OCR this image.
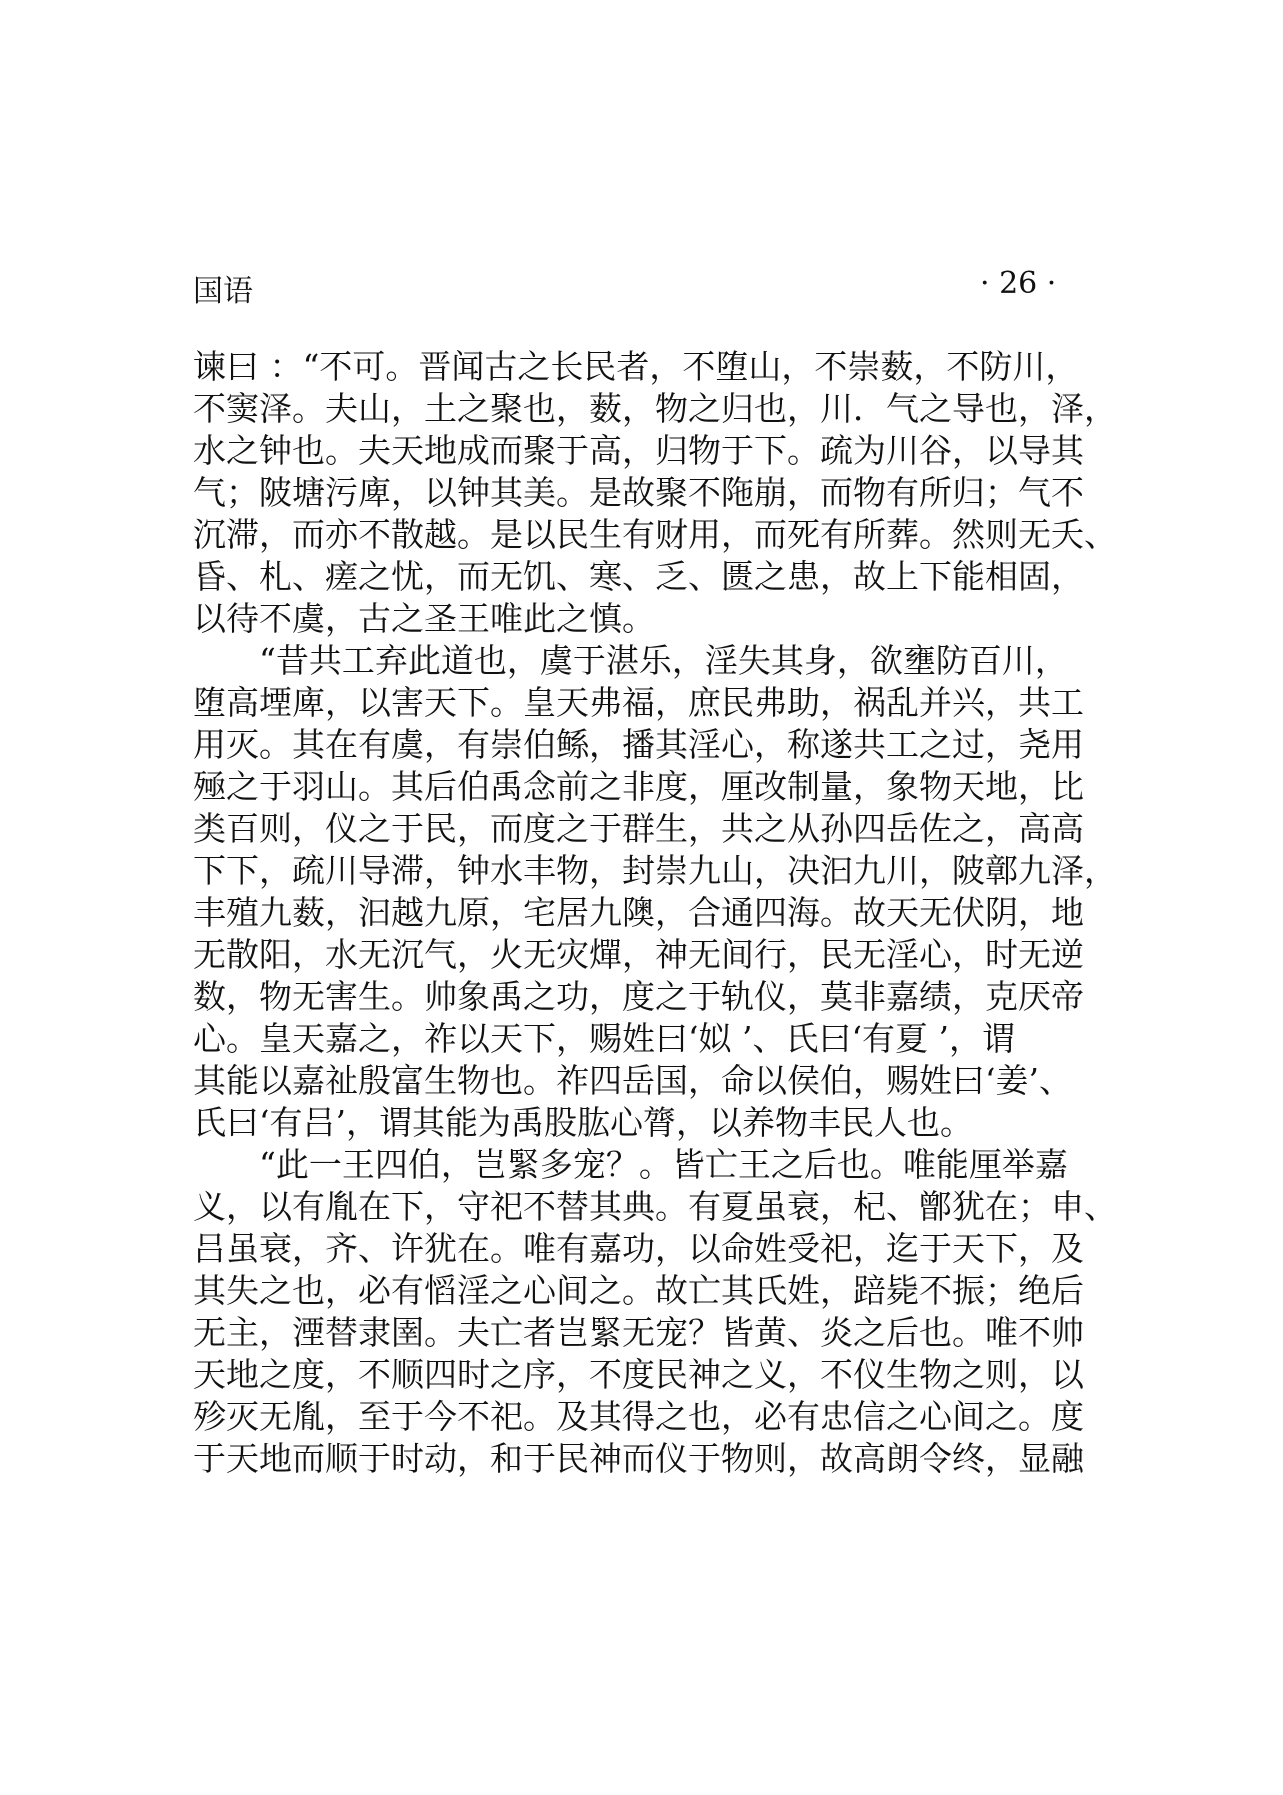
国语	· 26 ·
谏曰 ：“不可。晋闻古之长民者，不堕山，不崇薮，不防川，
不窦泽。夫山，土之聚也，薮，物之归也，川．气之导也，泽，
水之钟也。夫天地成而聚于高，归物于下。疏为川谷，以导其
气；陂塘污庳，以钟其美。是故聚不陁崩，而物有所归；气不
沉滞，而亦不散越。是以民生有财用，而死有所葬。然则无夭、
昏、札、瘥之忧，而无饥、寒、乏、匮之患，故上下能相固，
以待不虞，古之圣王唯此之慎。
“昔共工弃此道也，虞于湛乐，淫失其身，欲壅防百川，
堕高堙庳，以害天下。皇天弗福，庶民弗助，祸乱并兴，共工
用灭。其在有虞，有崇伯鲧，播其淫心，称遂共工之过，尧用
殛之于羽山。其后伯禹念前之非度，厘改制量，象物天地，比
类百则，仪之于民，而度之于群生，共之从孙四岳佐之，高高
下下，疏川导滞，钟水丰物，封崇九山，决汩九川，陂鄣九泽，
丰殖九薮，汩越九原，宅居九隩，合通四海。故天无伏阴，地
无散阳，水无沉气，火无灾燀，神无间行，民无淫心，时无逆
数，物无害生。帅象禹之功，度之于轨仪，莫非嘉绩，克厌帝
心。皇天嘉之，祚以天下，赐姓曰‘姒 ’、氏曰‘有夏 ’，谓
其能以嘉祉殷富生物也。祚四岳国，命以侯伯，赐姓曰‘姜’、
氏曰‘有吕’，谓其能为禹股肱心膂，以养物丰民人也。
“此一王四伯，岂緊多宠？。皆亡王之后也。唯能厘举嘉
义，以有胤在下，守祀不替其典。有夏虽衰，杞、鄫犹在；申、
吕虽衰，齐、许犹在。唯有嘉功，以命姓受祀，迄于天下，及
其失之也，必有慆淫之心间之。故亡其氏姓，踣毙不振；绝后
无主，湮替隶圉。夫亡者岂緊无宠？皆黄、炎之后也。唯不帅
天地之度，不顺四时之序，不度民神之义，不仪生物之则，以
殄灭无胤，至于今不祀。及其得之也，必有忠信之心间之。度
于天地而顺于时动，和于民神而仪于物则，故高朗令终，显融
